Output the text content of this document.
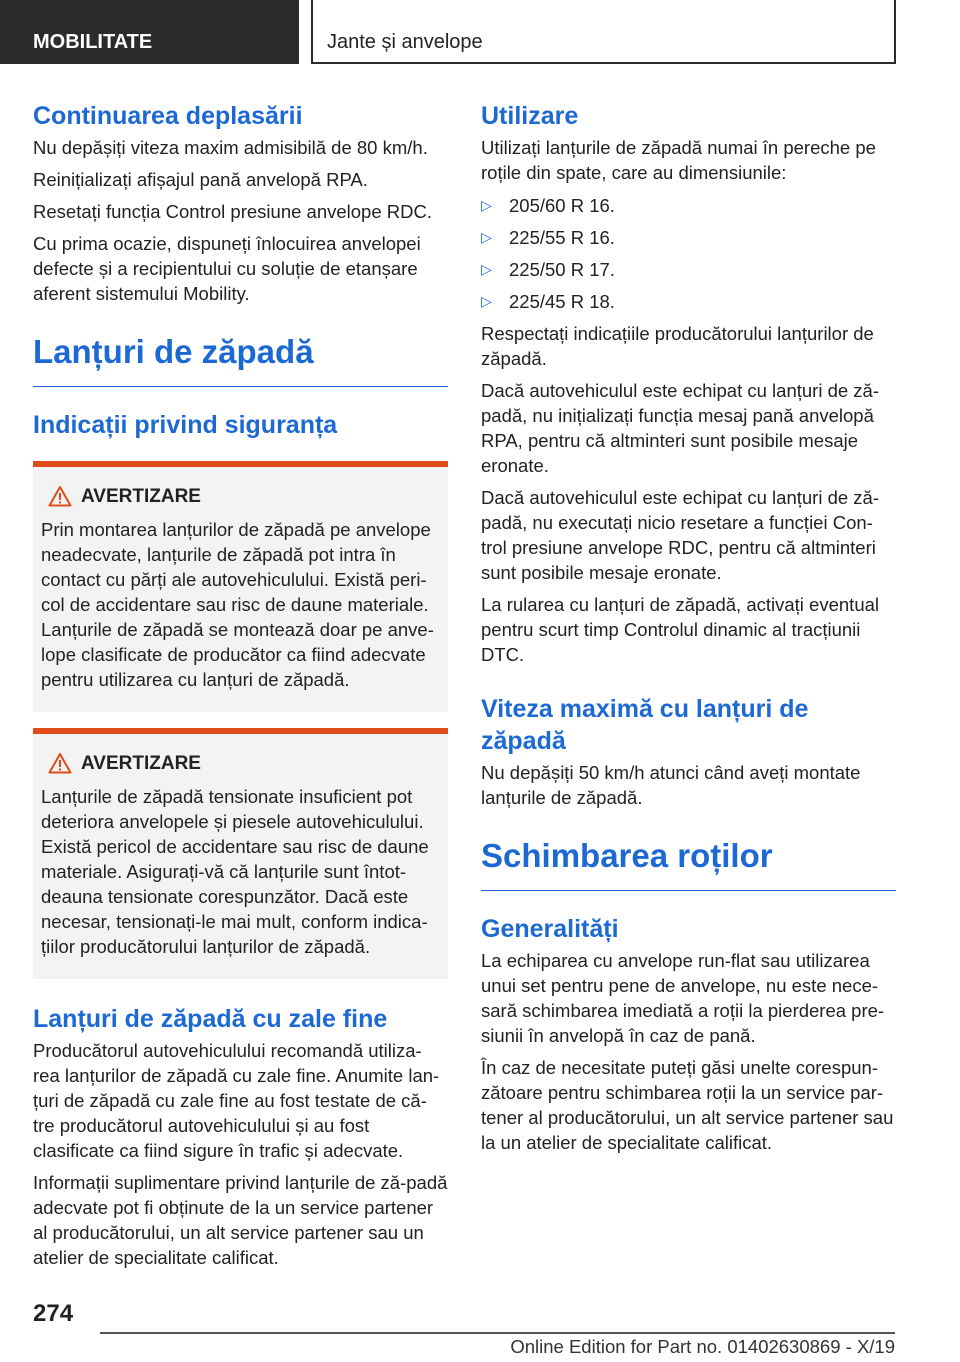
MOBILITATE	Jante și anvelope
Continuarea deplasării

Nu depășiți viteza maxim admisibilă de 80 km/h.

Reinițializați afișajul pană anvelopă RPA.

Resetați funcția Control presiune anvelope RDC.

Cu prima ocazie, dispuneți înlocuirea anvelopei defecte și a recipientului cu soluție de etanșare aferent sistemului Mobility.

Lanțuri de zăpadă
Indicații privind siguranța
AVERTIZARE

Prin montarea lanțurilor de zăpadă pe anvelope neadecvate, lanțurile de zăpadă pot intra în contact cu părți ale autovehiculului. Există peri-col de accidentare sau risc de daune materiale. Lanțurile de zăpadă se montează doar pe anve-lope clasificate de producător ca fiind adecvate pentru utilizarea cu lanțuri de zăpadă.

AVERTIZARE

Lanțurile de zăpadă tensionate insuficient pot deteriora anvelopele și piesele autovehiculului. Există pericol de accidentare sau risc de daune materiale. Asigurați-vă că lanțurile sunt întot-deauna tensionate corespunzător. Dacă este necesar, tensionați-le mai mult, conform indica-țiilor producătorului lanțurilor de zăpadă.

Lanțuri de zăpadă cu zale fine

Producătorul autovehiculului recomandă utiliza-rea lanțurilor de zăpadă cu zale fine. Anumite lan-țuri de zăpadă cu zale fine au fost testate de că-tre producătorul autovehiculului și au fost clasificate ca fiind sigure în trafic și adecvate.

Informații suplimentare privind lanțurile de ză-padă adecvate pot fi obținute de la un service partener al producătorului, un alt service partener sau un atelier de specialitate calificat.

Utilizare

Utilizați lanțurile de zăpadă numai în pereche pe roțile din spate, care au dimensiunile:

▷ 205/60 R 16.
▷ 225/55 R 16.
▷ 225/50 R 17.
▷ 225/45 R 18.

Respectați indicațiile producătorului lanțurilor de zăpadă.

Dacă autovehiculul este echipat cu lanțuri de ză-padă, nu inițializați funcția mesaj pană anvelopă RPA, pentru că altminteri sunt posibile mesaje eronate.

Dacă autovehiculul este echipat cu lanțuri de ză-padă, nu executați nicio resetare a funcției Con-trol presiune anvelope RDC, pentru că altminteri sunt posibile mesaje eronate.

La rularea cu lanțuri de zăpadă, activați eventual pentru scurt timp Controlul dinamic al tracțiunii DTC.

Viteza maximă cu lanțuri de zăpadă

Nu depășiți 50 km/h atunci când aveți montate lanțurile de zăpadă.

Schimbarea roților
Generalități

La echiparea cu anvelope run-flat sau utilizarea unui set pentru pene de anvelope, nu este nece-sară schimbarea imediată a roții la pierderea pre-siunii în anvelopă în caz de pană.

În caz de necesitate puteți găsi unelte corespun-zătoare pentru schimbarea roții la un service par-tener al producătorului, un alt service partener sau la un atelier de specialitate calificat.

274
Online Edition for Part no. 01402630869 - X/19
